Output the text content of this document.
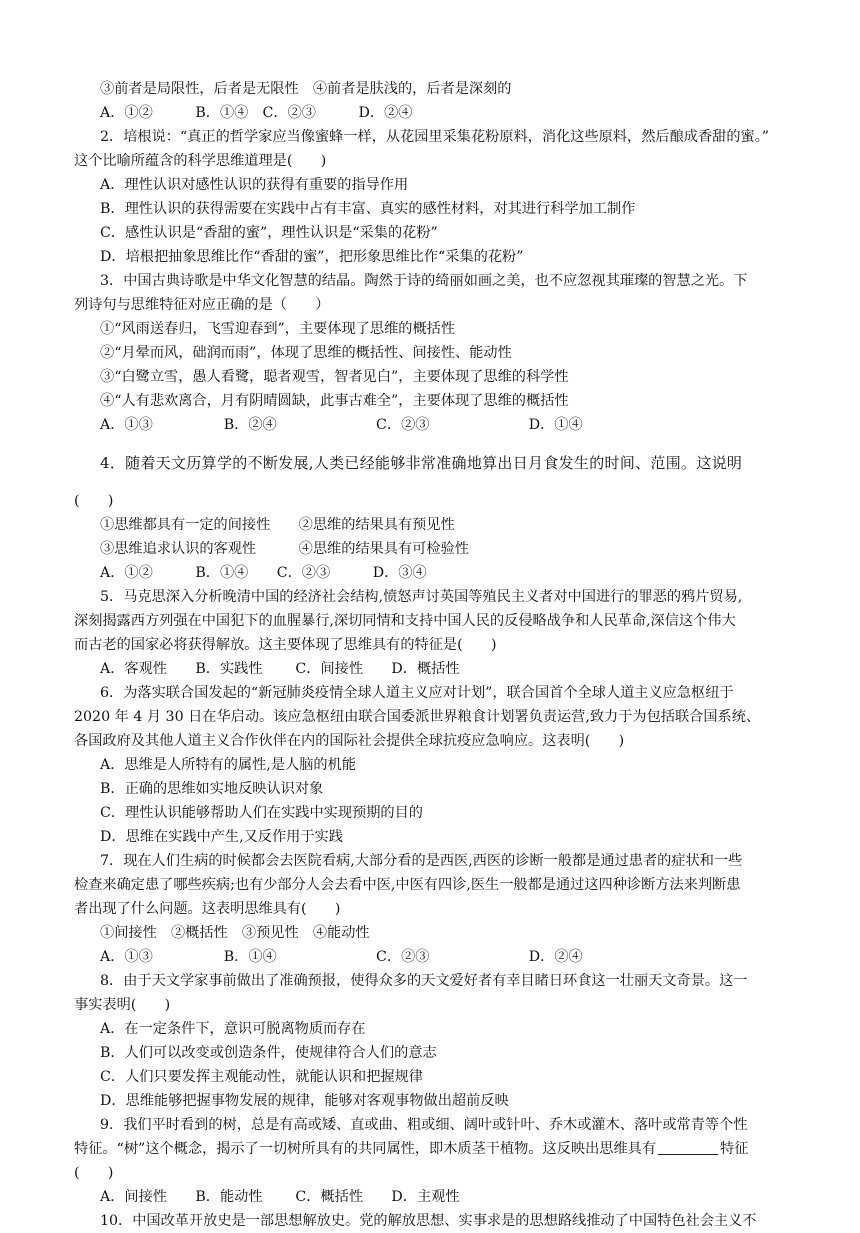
③前者是局限性，后者是无限性　④前者是肤浅的，后者是深刻的
A．①②　　　B．①④　C．②③　　　D．②④
2．培根说：“真正的哲学家应当像蜜蜂一样，从花园里采集花粉原料，消化这些原料，然后酿成香甜的蜜。”
这个比喻所蕴含的科学思维道理是(　　)
A．理性认识对感性认识的获得有重要的指导作用
B．理性认识的获得需要在实践中占有丰富、真实的感性材料，对其进行科学加工制作
C．感性认识是“香甜的蜜”，理性认识是“采集的花粉”
D．培根把抽象思维比作“香甜的蜜”，把形象思维比作“采集的花粉”
3．中国古典诗歌是中华文化智慧的结晶。陶然于诗的绮丽如画之美，也不应忽视其璀璨的智慧之光。下
列诗句与思维特征对应正确的是（　　）
①“风雨送春归，飞雪迎春到”，主要体现了思维的概括性
②“月晕而风，础润而雨”，体现了思维的概括性、间接性、能动性
③“白鹭立雪，愚人看鹭，聪者观雪，智者见白”，主要体现了思维的科学性
④“人有悲欢离合，月有阴晴圆缺，此事古难全”，主要体现了思维的概括性
A．①③　　　　　B．②④　　　　　　　C．②③　　　　　　　D．①④
4．随着天文历算学的不断发展,人类已经能够非常准确地算出日月食发生的时间、范围。这说明
(　　)
①思维都具有一定的间接性　　②思维的结果具有预见性
③思维追求认识的客观性　　　④思维的结果具有可检验性
A．①②　　　B．①④　　C．②③　　　D．③④
5．马克思深入分析晚清中国的经济社会结构,愤怒声讨英国等殖民主义者对中国进行的罪恶的鸦片贸易,
深刻揭露西方列强在中国犯下的血腥暴行,深切同情和支持中国人民的反侵略战争和人民革命,深信这个伟大
而古老的国家必将获得解放。这主要体现了思维具有的特征是(　　)
A．客观性　　B．实践性　　 C．间接性　　D．概括性
6．为落实联合国发起的“新冠肺炎疫情全球人道主义应对计划”，联合国首个全球人道主义应急枢纽于
2020 年 4 月 30 日在华启动。该应急枢纽由联合国委派世界粮食计划署负责运营,致力于为包括联合国系统、
各国政府及其他人道主义合作伙伴在内的国际社会提供全球抗疫应急响应。这表明(　　)
A．思维是人所特有的属性,是人脑的机能
B．正确的思维如实地反映认识对象
C．理性认识能够帮助人们在实践中实现预期的目的
D．思维在实践中产生,又反作用于实践
7．现在人们生病的时候都会去医院看病,大部分看的是西医,西医的诊断一般都是通过患者的症状和一些
检查来确定患了哪些疾病;也有少部分人会去看中医,中医有四诊,医生一般都是通过这四种诊断方法来判断患
者出现了什么问题。这表明思维具有(　　)
①间接性　②概括性　③预见性　④能动性
A．①③　　　　　B．①④　　　　　　　C．②③　　　　　　　D．②④
8．由于天文学家事前做出了准确预报，使得众多的天文爱好者有幸目睹日环食这一壮丽天文奇景。这一
事实表明(　　)
A．在一定条件下，意识可脱离物质而存在
B．人们可以改变或创造条件，使规律符合人们的意志
C．人们只要发挥主观能动性，就能认识和把握规律
D．思维能够把握事物发展的规律，能够对客观事物做出超前反映
9．我们平时看到的树，总是有高或矮、直或曲、粗或细、阔叶或针叶、乔木或灌木、落叶或常青等个性
特征。“树”这个概念，揭示了一切树所具有的共同属性，即木质茎干植物。这反映出思维具有	特征
(　　)
A．间接性　　B．能动性　　 C．概括性　　D．主观性
10．中国改革开放史是一部思想解放史。党的解放思想、实事求是的思想路线推动了中国特色社会主义不
